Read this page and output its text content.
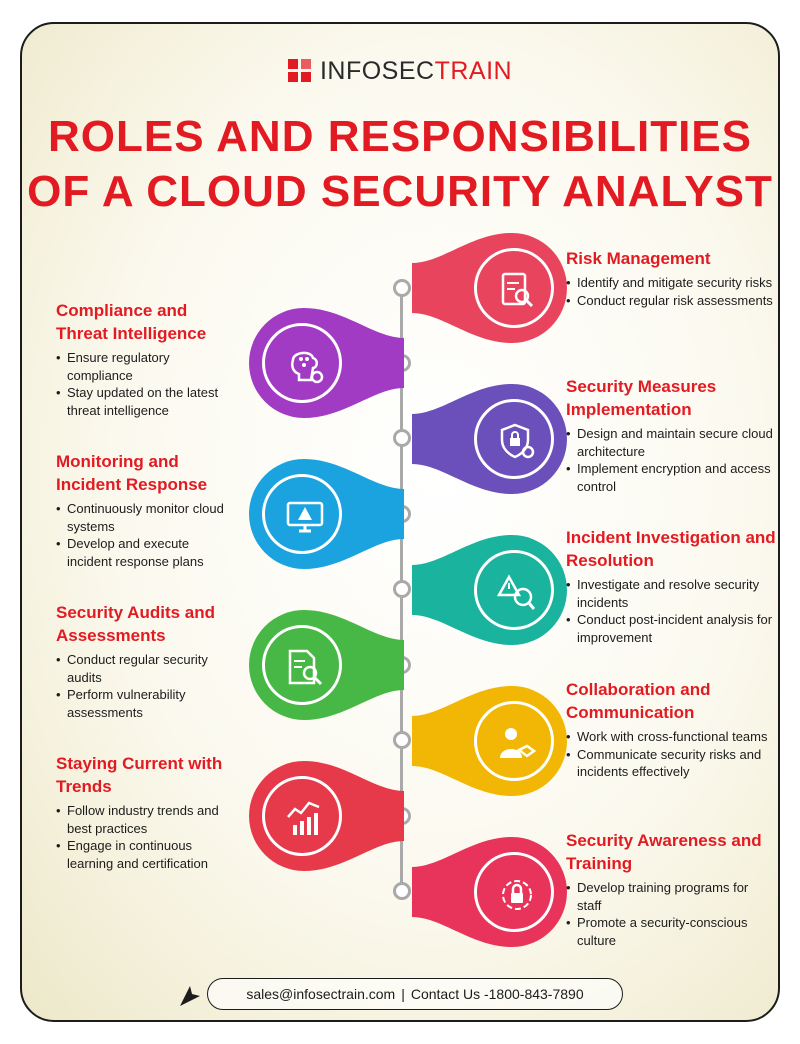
INFOSECTRAIN
ROLES AND RESPONSIBILITIES
OF A CLOUD SECURITY ANALYST
Risk Management
• Identify and mitigate security risks
• Conduct regular risk assessments
Security Measures Implementation
• Design and maintain secure cloud architecture
• Implement encryption and access control
Incident Investigation and Resolution
• Investigate and resolve security incidents
• Conduct post-incident analysis for improvement
Collaboration and Communication
• Work with cross-functional teams
• Communicate security risks and incidents effectively
Security Awareness and Training
• Develop training programs for staff
• Promote a security-conscious culture
Compliance and Threat Intelligence
• Ensure regulatory compliance
• Stay updated on the latest threat intelligence
Monitoring and Incident Response
• Continuously monitor cloud systems
• Develop and execute incident response plans
Security Audits and Assessments
• Conduct regular security audits
• Perform vulnerability assessments
Staying Current with Trends
• Follow industry trends and best practices
• Engage in continuous learning and certification
sales@infosectrain.com | Contact Us -1800-843-7890
